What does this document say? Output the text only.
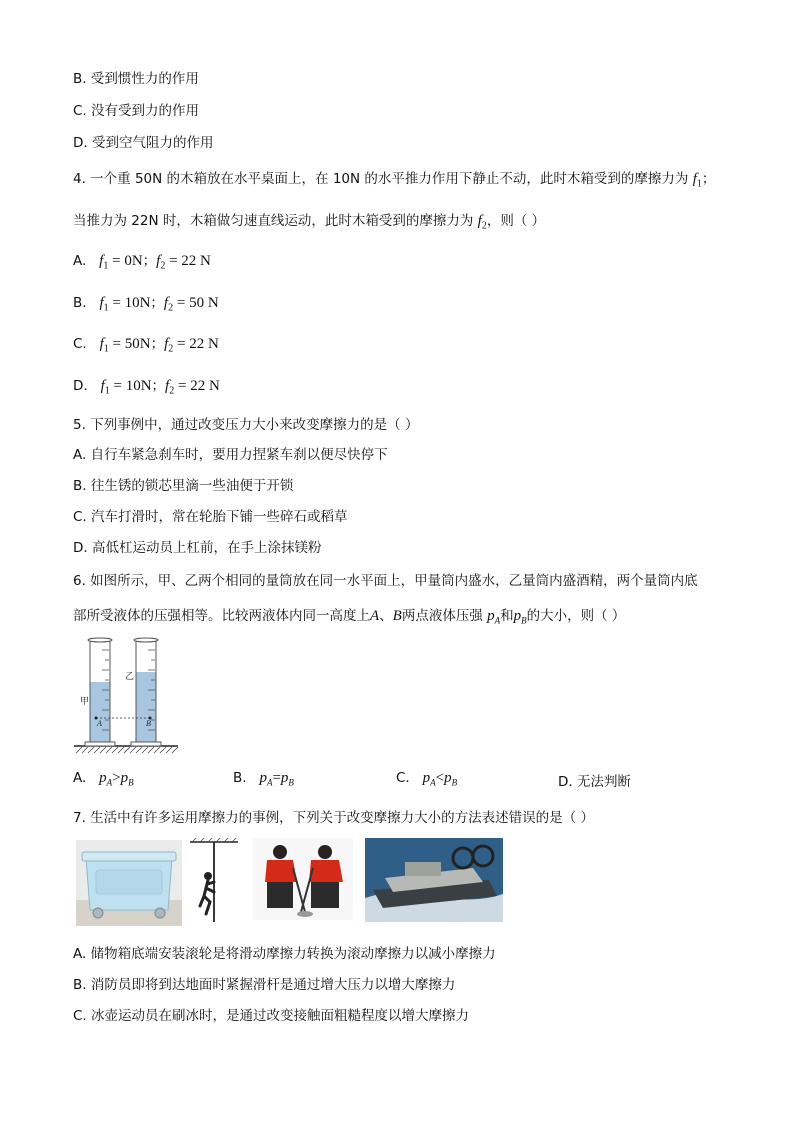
B. 受到惯性力的作用
C. 没有受到力的作用
D. 受到空气阻力的作用
4. 一个重 50N 的木箱放在水平桌面上，在 10N 的水平推力作用下静止不动，此时木箱受到的摩擦力为 $f_1$；
当推力为 22N 时，木箱做匀速直线运动，此时木箱受到的摩擦力为 $f_2$，则（ ）
A. $f_1 = 0N$；$f_2 = 22$ N
B. $f_1 = 10N$；$f_2 = 50$ N
C. $f_1 = 50N$；$f_2 = 22$ N
D. $f_1 = 10N$；$f_2 = 22$ N
5. 下列事例中，通过改变压力大小来改变摩擦力的是（ ）
A. 自行车紧急刹车时，要用力捏紧车刹以便尽快停下
B. 往生锈的锁芯里滴一些油便于开锁
C. 汽车打滑时，常在轮胎下铺一些碎石或稻草
D. 高低杠运动员上杠前，在手上涂抹镁粉
6. 如图所示，甲、乙两个相同的量筒放在同一水平面上，甲量筒内盛水，乙量筒内盛酒精，两个量筒内底
部所受液体的压强相等。比较两液体内同一高度上A、B两点液体压强 $p_A$和$p_B$的大小，则（ ）
甲
乙
A	B
A. $p_A>p_B$	B. $p_A=p_B$	C. $p_A<p_B$	D. 无法判断
7. 生活中有许多运用摩擦力的事例，下列关于改变摩擦力大小的方法表述错误的是（ ）
A. 储物箱底端安装滚轮是将滑动摩擦力转换为滚动摩擦力以减小摩擦力
B. 消防员即将到达地面时紧握滑杆是通过增大压力以增大摩擦力
C. 冰壶运动员在刷冰时，是通过改变接触面粗糙程度以增大摩擦力
